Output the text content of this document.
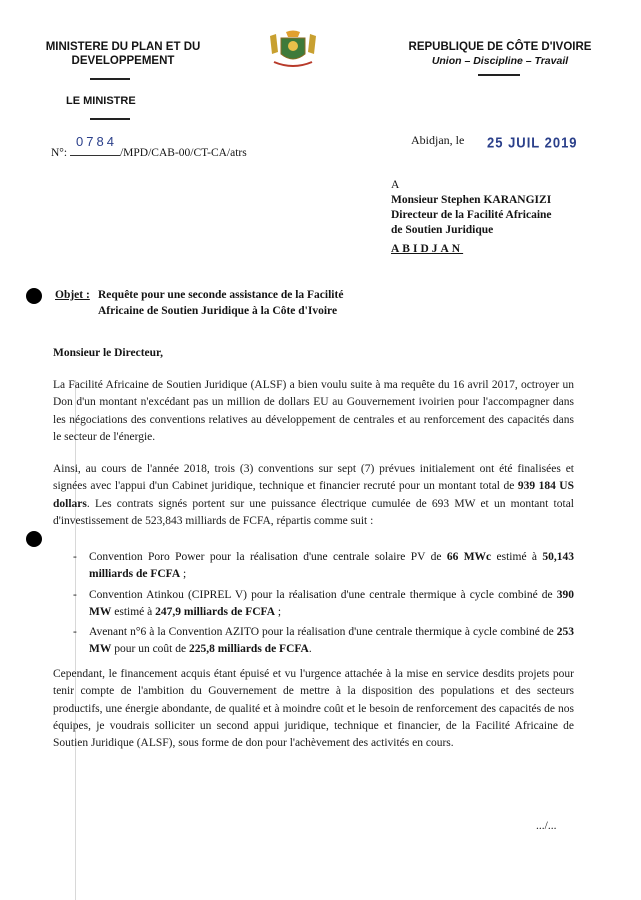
MINISTERE DU PLAN ET DU
DEVELOPPEMENT
LE MINISTRE
REPUBLIQUE DE CÔTE D'IVOIRE
Union – Discipline – Travail
N°:	/MPD/CAB-00/CT-CA/atrs
0784	Abidjan, le 25 JUIL 2019
A
Monsieur Stephen KARANGIZI
Directeur de la Facilité Africaine
de Soutien Juridique
ABIDJAN
Objet : Requête pour une seconde assistance de la Facilité
Africaine de Soutien Juridique à la Côte d'Ivoire
Monsieur le Directeur,
La Facilité Africaine de Soutien Juridique (ALSF) a bien voulu suite à ma requête du 16 avril 2017, octroyer un Don d'un montant n'excédant pas un million de dollars EU au Gouvernement ivoirien pour l'accompagner dans les négociations des conventions relatives au développement de centrales et au renforcement des capacités dans le secteur de l'énergie.
Ainsi, au cours de l'année 2018, trois (3) conventions sur sept (7) prévues initialement ont été finalisées et signées avec l'appui d'un Cabinet juridique, technique et financier recruté pour un montant total de 939 184 US dollars. Les contrats signés portent sur une puissance électrique cumulée de 693 MW et un montant total d'investissement de 523,843 milliards de FCFA, répartis comme suit :
- Convention Poro Power pour la réalisation d'une centrale solaire PV de 66 MWc estimé à 50,143 milliards de FCFA ;
- Convention Atinkou (CIPREL V) pour la réalisation d'une centrale thermique à cycle combiné de 390 MW estimé à 247,9 milliards de FCFA ;
- Avenant n°6 à la Convention AZITO pour la réalisation d'une centrale thermique à cycle combiné de 253 MW pour un coût de 225,8 milliards de FCFA.
Cependant, le financement acquis étant épuisé et vu l'urgence attachée à la mise en service desdits projets pour tenir compte de l'ambition du Gouvernement de mettre à la disposition des populations et des secteurs productifs, une énergie abondante, de qualité et à moindre coût et le besoin de renforcement des capacités de nos équipes, je voudrais solliciter un second appui juridique, technique et financier, de la Facilité Africaine de Soutien Juridique (ALSF), sous forme de don pour l'achèvement des activités en cours.
.../...
